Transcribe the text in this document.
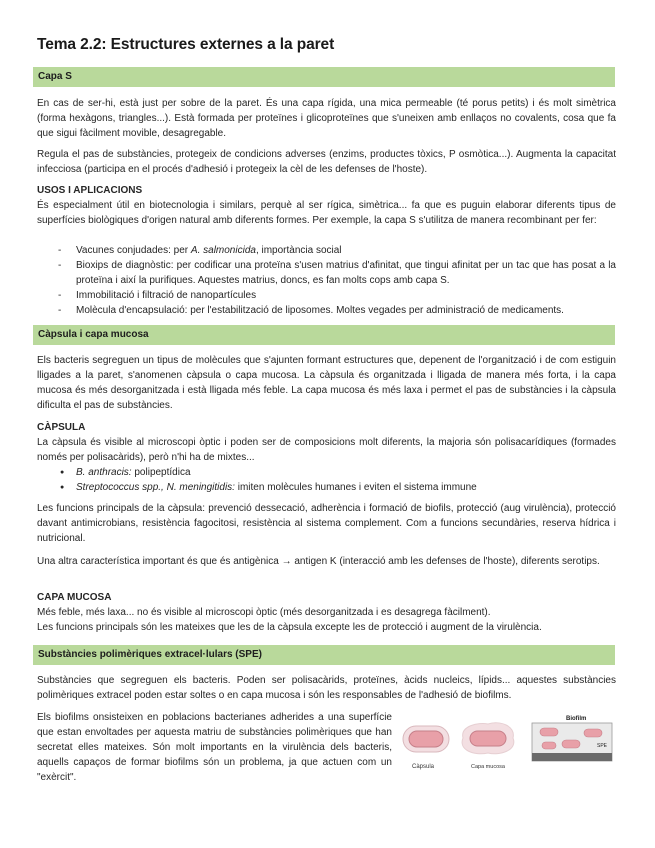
Tema 2.2: Estructures externes a la paret
Capa S

En cas de ser-hi, està just per sobre de la paret. És una capa rígida, una mica permeable (té porus petits) i és molt simètrica (forma hexàgons, triangles...). Està formada per proteïnes i glicoproteïnes que s'uneixen amb enllaços no covalents, cosa que fa que sigui fàcilment movible, desagregable.

Regula el pas de substàncies, protegeix de condicions adverses (enzims, productes tòxics, P osmòtica...). Augmenta la capacitat infecciosa (participa en el procés d'adhesió i protegeix la cèl de les defenses de l'hoste).

USOS I APLICACIONS

És especialment útil en biotecnologia i similars, perquè al ser rígica, simètrica... fa que es puguin elaborar diferents tipus de superfícies biològiques d'origen natural amb diferents formes. Per exemple, la capa S s'utilitza de manera recombinant per fer:

- Vacunes conjudades: per A. salmonicida, importància social
- Bioxips de diagnòstic: per codificar una proteïna s'usen matrius d'afinitat, que tingui afinitat per un tac que has posat a la proteïna i així la purifiques. Aquestes matrius, doncs, es fan molts cops amb capa S.
- Immobilitació i filtració de nanopartícules
- Molècula d'encapsulació: per l'estabilització de liposomes. Moltes vegades per administració de medicaments.
Càpsula i capa mucosa

Els bacteris segreguen un tipus de molècules que s'ajunten formant estructures que, depenent de l'organització i de com estiguin lligades a la paret, s'anomenen càpsula o capa mucosa. La càpsula és organitzada i lligada de manera més forta, i la capa mucosa és més desorganitzada i està lligada més feble. La capa mucosa és més laxa i permet el pas de substàncies i la càpsula dificulta el pas de substàncies.

CÀPSULA

La càpsula és visible al microscopi òptic i poden ser de composicions molt diferents, la majoria són polisacarídiques (formades només per polisacàrids), però n'hi ha de mixtes...

● B. anthracis: polipeptídica
● Streptococcus spp., N. meningitidis: imiten molècules humanes i eviten el sistema immune

Les funcions principals de la càpsula: prevenció dessecació, adherència i formació de biofils, protecció (aug virulència), protecció davant antimicrobians, resistència fagocitosi, resistència al sistema complement. Com a funcions secundàries, reserva hídrica i nutricional.

Una altra característica important és que és antigènica → antigen K (interacció amb les defenses de l'hoste), diferents serotips.

CAPA MUCOSA

Més feble, més laxa... no és visible al microscopi òptic (més desorganitzada i es desagrega fàcilment).

Les funcions principals són les mateixes que les de la càpsula excepte les de protecció i augment de la virulència.

Substàncies polimèriques extracel·lulars (SPE)

Substàncies que segreguen els bacteris. Poden ser polisacàrids, proteïnes, àcids nucleics, lípids... aquestes substàncies polimèriques extracel poden estar soltes o en capa mucosa i són les responsables de l'adhesió de biofilms.

Els biofilms onsisteixen en poblacions bacterianes adherides a una superfície que estan envoltades per aquesta matriu de substàncies polimèriques que han secretat elles mateixes. Són molt importants en la virulència dels bacteris, aquells capaços de formar biofilms són un problema, ja que actuen com un "exèrcit".

Càpsula	Capa mucosa
Biofilm
SPE
